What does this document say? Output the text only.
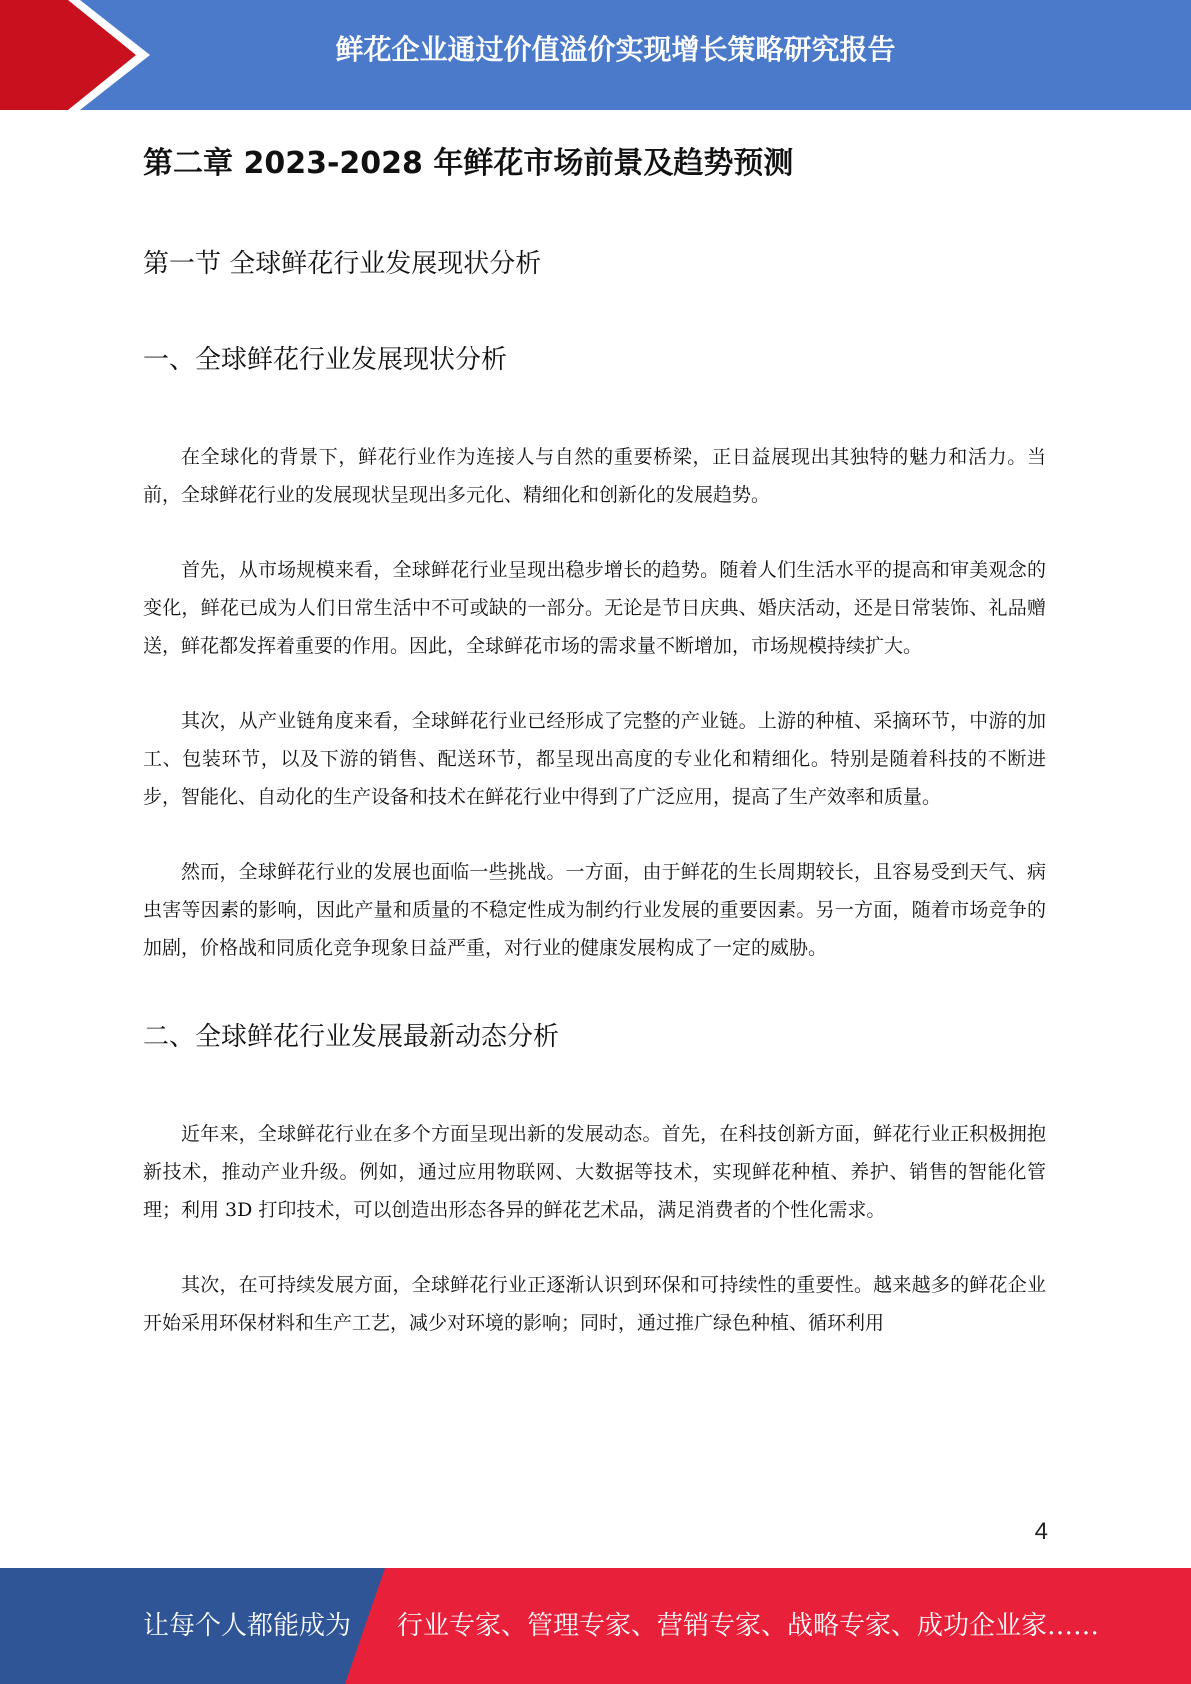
鲜花企业通过价值溢价实现增长策略研究报告
第二章 2023-2028 年鲜花市场前景及趋势预测
第一节 全球鲜花行业发展现状分析
一、全球鲜花行业发展现状分析

在全球化的背景下，鲜花行业作为连接人与自然的重要桥梁，正日益展现出其独特的魅力和活力。当前，全球鲜花行业的发展现状呈现出多元化、精细化和创新化的发展趋势。

首先，从市场规模来看，全球鲜花行业呈现出稳步增长的趋势。随着人们生活水平的提高和审美观念的变化，鲜花已成为人们日常生活中不可或缺的一部分。无论是节日庆典、婚庆活动，还是日常装饰、礼品赠送，鲜花都发挥着重要的作用。因此，全球鲜花市场的需求量不断增加，市场规模持续扩大。

其次，从产业链角度来看，全球鲜花行业已经形成了完整的产业链。上游的种植、采摘环节，中游的加工、包装环节，以及下游的销售、配送环节，都呈现出高度的专业化和精细化。特别是随着科技的不断进步，智能化、自动化的生产设备和技术在鲜花行业中得到了广泛应用，提高了生产效率和质量。

然而，全球鲜花行业的发展也面临一些挑战。一方面，由于鲜花的生长周期较长，且容易受到天气、病虫害等因素的影响，因此产量和质量的不稳定性成为制约行业发展的重要因素。另一方面，随着市场竞争的加剧，价格战和同质化竞争现象日益严重，对行业的健康发展构成了一定的威胁。

二、全球鲜花行业发展最新动态分析

近年来，全球鲜花行业在多个方面呈现出新的发展动态。首先，在科技创新方面，鲜花行业正积极拥抱新技术，推动产业升级。例如，通过应用物联网、大数据等技术，实现鲜花种植、养护、销售的智能化管理；利用 3D 打印技术，可以创造出形态各异的鲜花艺术品，满足消费者的个性化需求。

其次，在可持续发展方面，全球鲜花行业正逐渐认识到环保和可持续性的重要性。越来越多的鲜花企业开始采用环保材料和生产工艺，减少对环境的影响；同时，通过推广绿色种植、循环利用

4
让每个人都能成为 行业专家、管理专家、营销专家、战略专家、成功企业家……
